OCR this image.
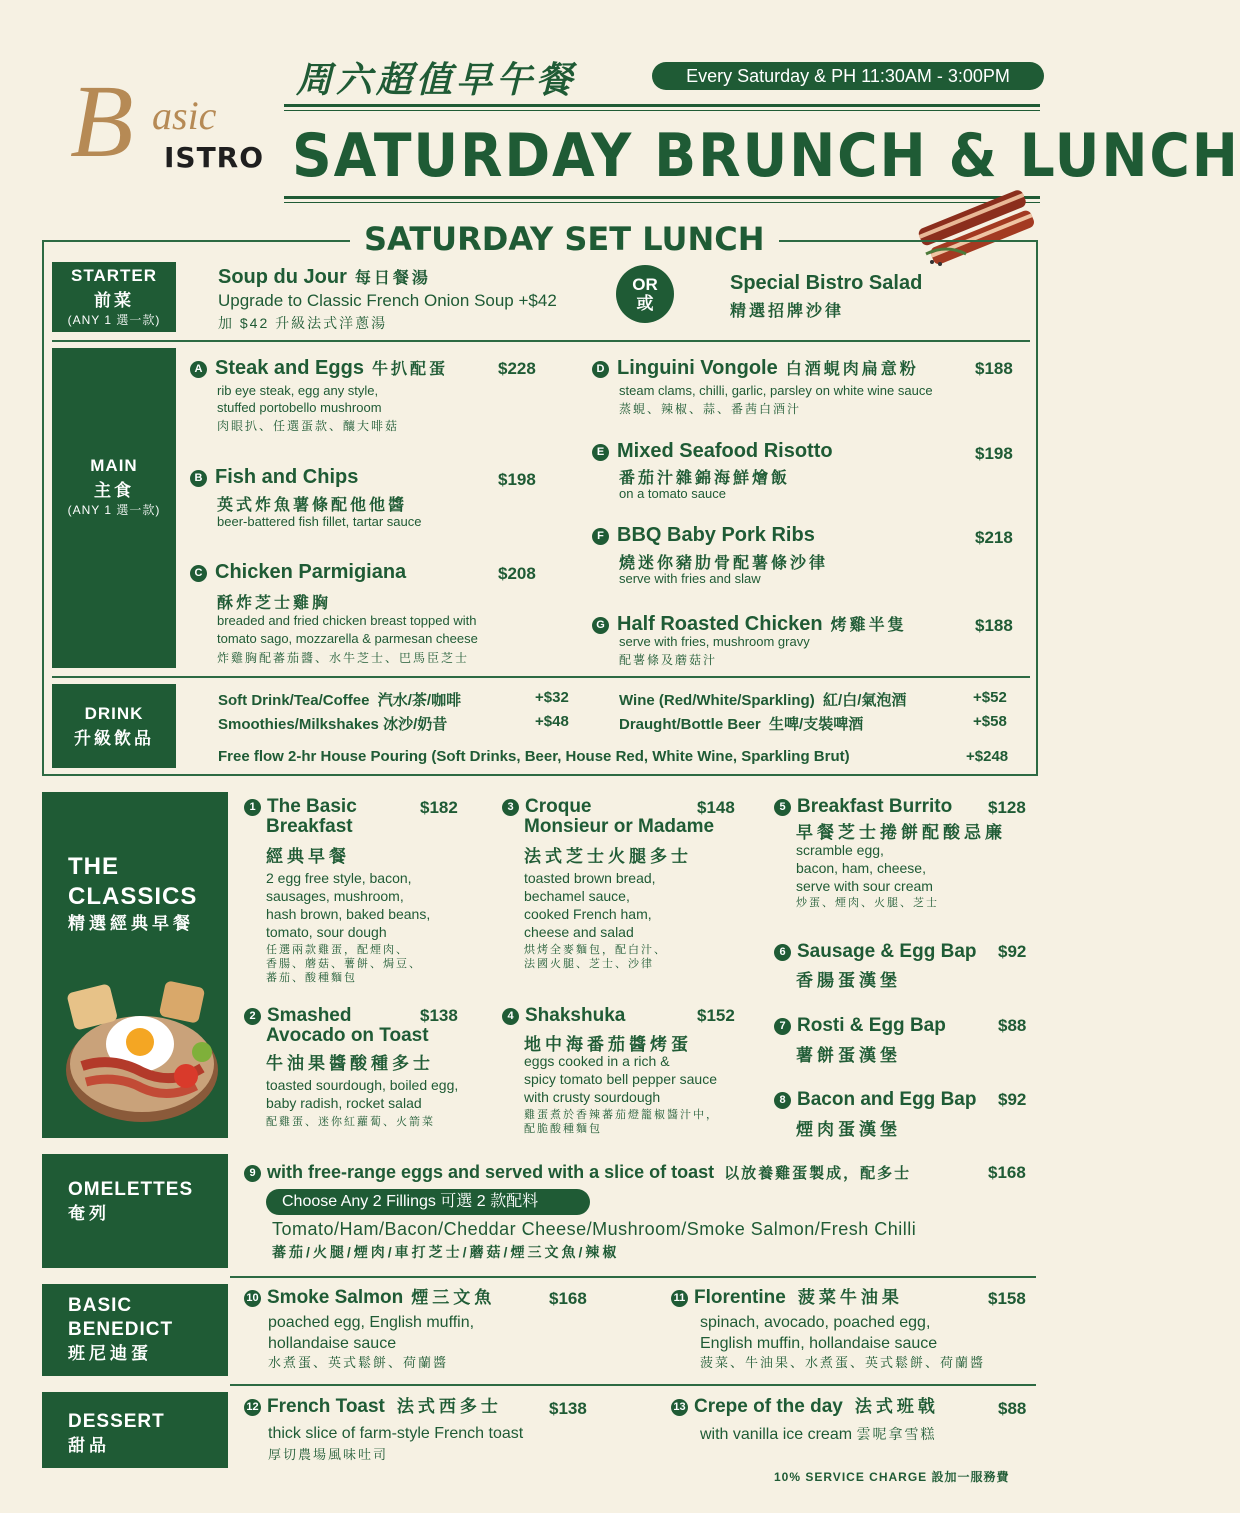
B asic
ISTRO
周六超值早午餐	Every Saturday & PH 11:30AM - 3:00PM
SATURDAY BRUNCH & LUNCH
SATURDAY SET LUNCH
STARTER
前菜
(ANY 1 選一款)
Soup du Jour 每日餐湯
Upgrade to Classic French Onion Soup +$42
加 $42 升級法式洋蔥湯
OR
或
Special Bistro Salad
精選招牌沙律
MAIN
主食
(ANY 1 選一款)
A Steak and Eggs 牛扒配蛋	$228
rib eye steak, egg any style,
stuffed portobello mushroom
肉眼扒、任選蛋款、釀大啡菇
B Fish and Chips	$198
英式炸魚薯條配他他醬
beer-battered fish fillet, tartar sauce
C Chicken Parmigiana	$208
酥炸芝士雞胸
breaded and fried chicken breast topped with
tomato sago, mozzarella & parmesan cheese
炸雞胸配蕃茄醬、水牛芝士、巴馬臣芝士
D Linguini Vongole 白酒蜆肉扁意粉	$188
steam clams, chilli, garlic, parsley on white wine sauce
蒸蜆、辣椒、蒜、番茜白酒汁
E Mixed Seafood Risotto	$198
番茄汁雜錦海鮮燴飯
on a tomato sauce
F BBQ Baby Pork Ribs	$218
燒迷你豬肋骨配薯條沙律
serve with fries and slaw
G Half Roasted Chicken 烤雞半隻	$188
serve with fries, mushroom gravy
配薯條及蘑菇汁
DRINK
升級飲品
Soft Drink/Tea/Coffee 汽水/茶/咖啡	+$32
Smoothies/Milkshakes 冰沙/奶昔	+$48
Wine (Red/White/Sparkling) 紅/白/氣泡酒	+$52
Draught/Bottle Beer 生啤/支裝啤酒	+$58
Free flow 2-hr House Pouring (Soft Drinks, Beer, House Red, White Wine, Sparkling Brut)	+$248
THE
CLASSICS
精選經典早餐
1 The Basic
Breakfast
$182
經典早餐
2 egg free style, bacon,
sausages, mushroom,
hash brown, baked beans,
tomato, sour dough
任選兩款雞蛋，配煙肉、
香腸、蘑菇、薯餅、焗豆、
蕃茄、酸種麵包
2 Smashed
Avocado on Toast
$138
牛油果醬酸種多士
toasted sourdough, boiled egg,
baby radish, rocket salad
配雞蛋、迷你紅蘿蔔、火箭菜
3 Croque
Monsieur or Madame
$148
法式芝士火腿多士
toasted brown bread,
bechamel sauce,
cooked French ham,
cheese and salad
烘烤全麥麵包，配白汁、
法國火腿、芝士、沙律
4 Shakshuka	$152
地中海番茄醬烤蛋
eggs cooked in a rich &
spicy tomato bell pepper sauce
with crusty sourdough
雞蛋煮於香辣蕃茄燈籠椒醬汁中，
配脆酸種麵包
5 Breakfast Burrito $128
早餐芝士捲餅配酸忌廉
scramble egg,
bacon, ham, cheese,
serve with sour cream
炒蛋、煙肉、火腿、芝士
6 Sausage & Egg Bap $92
香腸蛋漢堡
7 Rosti & Egg Bap	$88
薯餅蛋漢堡
8 Bacon and Egg Bap $92
煙肉蛋漢堡
OMELETTES
奄列
9 with free-range eggs and served with a slice of toast 以放養雞蛋製成，配多士	$168
Choose Any 2 Fillings 可選 2 款配料
Tomato/Ham/Bacon/Cheddar Cheese/Mushroom/Smoke Salmon/Fresh Chilli
蕃茄/火腿/煙肉/車打芝士/蘑菇/煙三文魚/辣椒
BASIC
BENEDICT
班尼迪蛋
10 Smoke Salmon 煙三文魚	$168
poached egg, English muffin,
hollandaise sauce
水煮蛋、英式鬆餅、荷蘭醬
11 Florentine 菠菜牛油果	$158
spinach, avocado, poached egg,
English muffin, hollandaise sauce
菠菜、牛油果、水煮蛋、英式鬆餅、荷蘭醬
DESSERT
甜品
12 French Toast 法式西多士	$138
thick slice of farm-style French toast
厚切農場風味吐司
13 Crepe of the day 法式班戟	$88
with vanilla ice cream 雲呢拿雪糕
10% SERVICE CHARGE 設加一服務費
